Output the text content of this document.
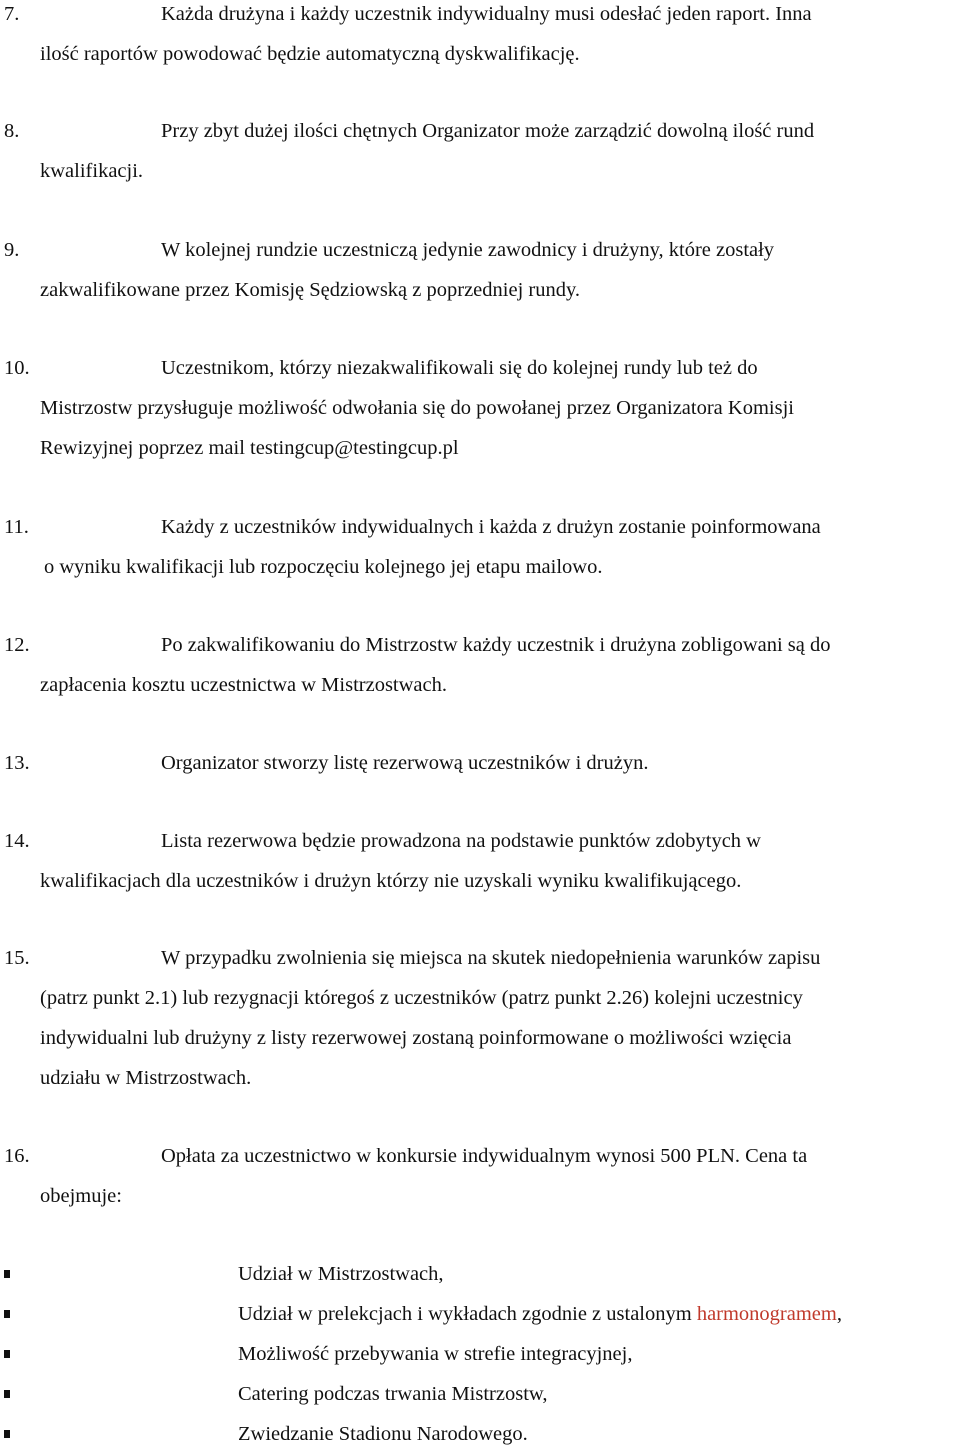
7.	Każda drużyna i każdy uczestnik indywidualny musi odesłać jeden raport. Inna
ilość raportów powodować będzie automatyczną dyskwalifikację.
8.	Przy zbyt dużej ilości chętnych Organizator może zarządzić dowolną ilość rund
kwalifikacji.
9.	W kolejnej rundzie uczestniczą jedynie zawodnicy i drużyny, które zostały
zakwalifikowane przez Komisję Sędziowską z poprzedniej rundy.
10.	Uczestnikom, którzy niezakwalifikowali się do kolejnej rundy lub też do
Mistrzostw przysługuje możliwość odwołania się do powołanej przez Organizatora Komisji
Rewizyjnej poprzez mail testingcup@testingcup.pl
11.	Każdy z uczestników indywidualnych i każda z drużyn zostanie poinformowana
o wyniku kwalifikacji lub rozpoczęciu kolejnego jej etapu mailowo.
12.	Po zakwalifikowaniu do Mistrzostw każdy uczestnik i drużyna zobligowani są do
zapłacenia kosztu uczestnictwa w Mistrzostwach.
13.	Organizator stworzy listę rezerwową uczestników i drużyn.
14.	Lista rezerwowa będzie prowadzona na podstawie punktów zdobytych w
kwalifikacjach dla uczestników i drużyn którzy nie uzyskali wyniku kwalifikującego.
15.	W przypadku zwolnienia się miejsca na skutek niedopełnienia warunków zapisu
(patrz punkt 2.1) lub rezygnacji któregoś z uczestników (patrz punkt 2.26) kolejni uczestnicy
indywidualni lub drużyny z listy rezerwowej zostaną poinformowane o możliwości wzięcia
udziału w Mistrzostwach.
16.	Opłata za uczestnictwo w konkursie indywidualnym wynosi 500 PLN. Cena ta
obejmuje:
Udział w Mistrzostwach,
Udział w prelekcjach i wykładach zgodnie z ustalonym harmonogramem,
Możliwość przebywania w strefie integracyjnej,
Catering podczas trwania Mistrzostw,
Zwiedzanie Stadionu Narodowego.
